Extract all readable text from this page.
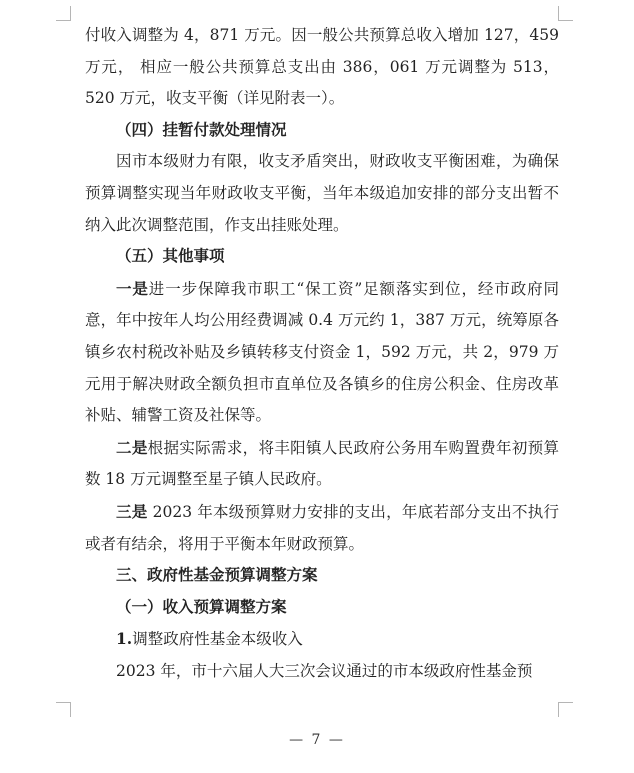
付收入调整为 4，871 万元。因一般公共预算总收入增加 127，459 万元， 相应一般公共预算总支出由 386，061 万元调整为 513，520 万元，收支平衡（详见附表一）。

（四）挂暂付款处理情况

因市本级财力有限，收支矛盾突出，财政收支平衡困难，为确保预算调整实现当年财政收支平衡，当年本级追加安排的部分支出暂不纳入此次调整范围，作支出挂账处理。

（五）其他事项

一是进一步保障我市职工“保工资”足额落实到位，经市政府同意，年中按年人均公用经费调减 0.4 万元约 1，387 万元，统筹原各镇乡农村税改补贴及乡镇转移支付资金 1，592 万元，共 2，979 万元用于解决财政全额负担市直单位及各镇乡的住房公积金、住房改革补贴、辅警工资及社保等。

二是根据实际需求，将丰阳镇人民政府公务用车购置费年初预算数 18 万元调整至星子镇人民政府。

三是 2023 年本级预算财力安排的支出，年底若部分支出不执行或者有结余，将用于平衡本年财政预算。

三、政府性基金预算调整方案

（一）收入预算调整方案

1.调整政府性基金本级收入

2023 年，市十六届人大三次会议通过的市本级政府性基金预

— 7 —
